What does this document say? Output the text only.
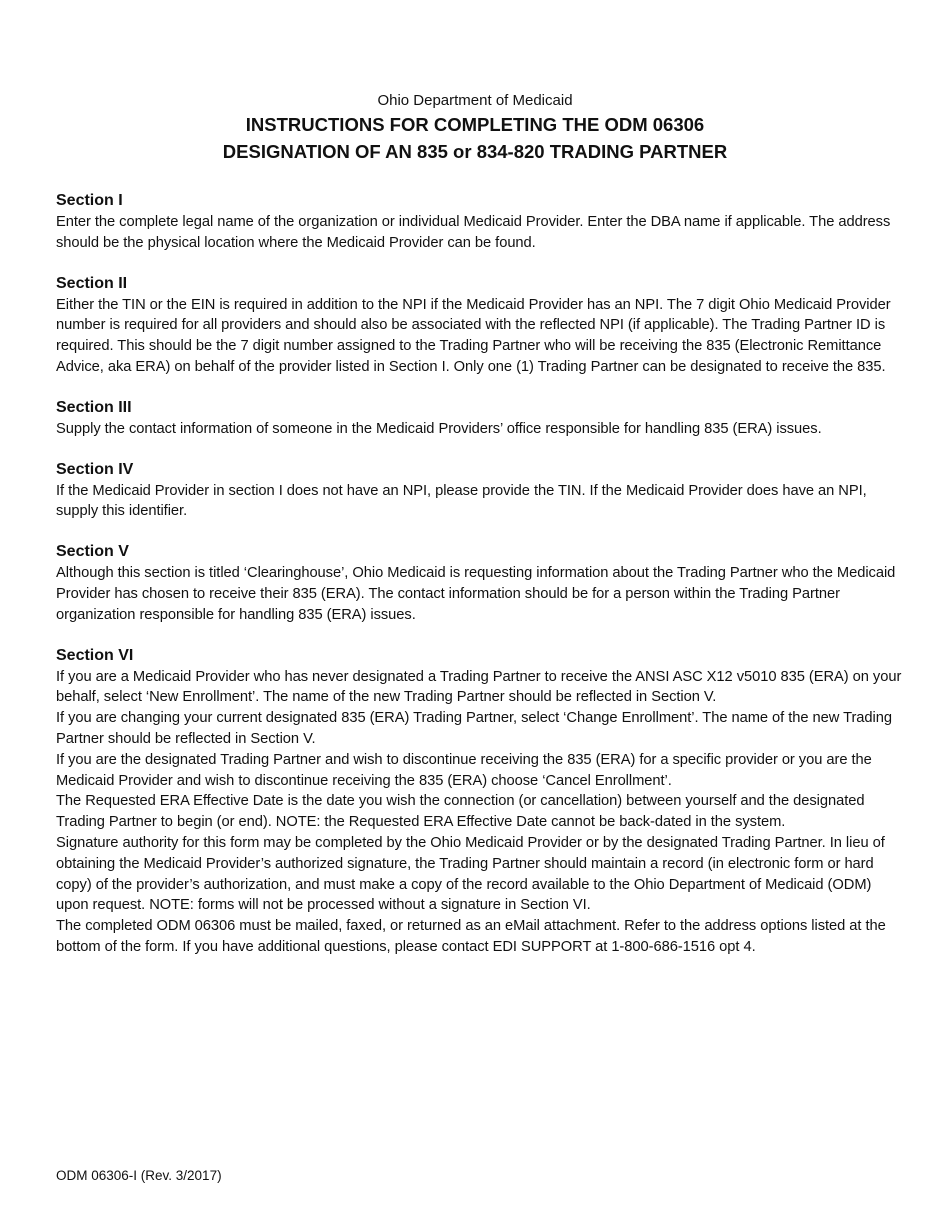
Ohio Department of Medicaid
INSTRUCTIONS FOR COMPLETING THE ODM 06306
DESIGNATION OF AN 835 or 834-820 TRADING PARTNER
Section I
Enter the complete legal name of the organization or individual Medicaid Provider. Enter the DBA name if applicable. The address should be the physical location where the Medicaid Provider can be found.
Section II
Either the TIN or the EIN is required in addition to the NPI if the Medicaid Provider has an NPI. The 7 digit Ohio Medicaid Provider number is required for all providers and should also be associated with the reflected NPI (if applicable). The Trading Partner ID is required. This should be the 7 digit number assigned to the Trading Partner who will be receiving the 835 (Electronic Remittance Advice, aka ERA) on behalf of the provider listed in Section I. Only one (1) Trading Partner can be designated to receive the 835.
Section III
Supply the contact information of someone in the Medicaid Providers’ office responsible for handling 835 (ERA) issues.
Section IV
If the Medicaid Provider in section I does not have an NPI, please provide the TIN. If the Medicaid Provider does have an NPI, supply this identifier.
Section V
Although this section is titled ‘Clearinghouse’, Ohio Medicaid is requesting information about the Trading Partner who the Medicaid Provider has chosen to receive their 835 (ERA). The contact information should be for a person within the Trading Partner organization responsible for handling 835 (ERA) issues.
Section VI
If you are a Medicaid Provider who has never designated a Trading Partner to receive the ANSI ASC X12 v5010 835 (ERA) on your behalf, select ‘New Enrollment’. The name of the new Trading Partner should be reflected in Section V.
If you are changing your current designated 835 (ERA) Trading Partner, select ‘Change Enrollment’. The name of the new Trading Partner should be reflected in Section V.
If you are the designated Trading Partner and wish to discontinue receiving the 835 (ERA) for a specific provider or you are the Medicaid Provider and wish to discontinue receiving the 835 (ERA) choose ‘Cancel Enrollment’.
The Requested ERA Effective Date is the date you wish the connection (or cancellation) between yourself and the designated Trading Partner to begin (or end). NOTE: the Requested ERA Effective Date cannot be back-dated in the system.
Signature authority for this form may be completed by the Ohio Medicaid Provider or by the designated Trading Partner. In lieu of obtaining the Medicaid Provider’s authorized signature, the Trading Partner should maintain a record (in electronic form or hard copy) of the provider’s authorization, and must make a copy of the record available to the Ohio Department of Medicaid (ODM) upon request. NOTE: forms will not be processed without a signature in Section VI.
The completed ODM 06306 must be mailed, faxed, or returned as an eMail attachment. Refer to the address options listed at the bottom of the form. If you have additional questions, please contact EDI SUPPORT at 1-800-686-1516 opt 4.
ODM 06306-I (Rev. 3/2017)
